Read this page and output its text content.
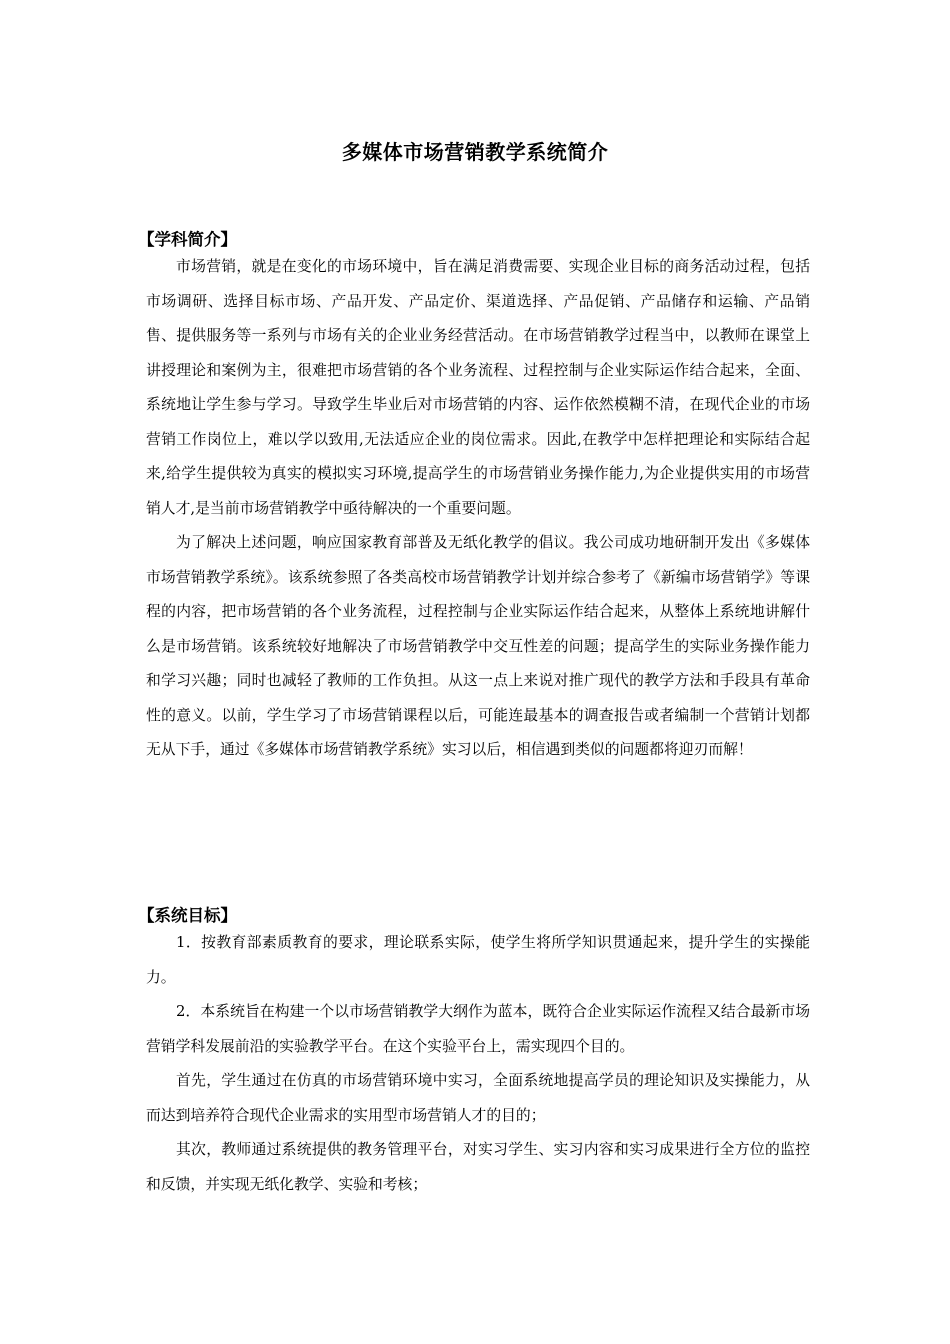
多媒体市场营销教学系统简介
【学科简介】

市场营销，就是在变化的市场环境中，旨在满足消费需要、实现企业目标的商务活动过程，包括市场调研、选择目标市场、产品开发、产品定价、渠道选择、产品促销、产品储存和运输、产品销售、提供服务等一系列与市场有关的企业业务经营活动。在市场营销教学过程当中，以教师在课堂上讲授理论和案例为主，很难把市场营销的各个业务流程、过程控制与企业实际运作结合起来，全面、系统地让学生参与学习。导致学生毕业后对市场营销的内容、运作依然模糊不清，在现代企业的市场营销工作岗位上，难以学以致用,无法适应企业的岗位需求。因此,在教学中怎样把理论和实际结合起来,给学生提供较为真实的模拟实习环境,提高学生的市场营销业务操作能力,为企业提供实用的市场营销人才,是当前市场营销教学中亟待解决的一个重要问题。

为了解决上述问题，响应国家教育部普及无纸化教学的倡议。我公司成功地研制开发出《多媒体市场营销教学系统》。该系统参照了各类高校市场营销教学计划并综合参考了《新编市场营销学》等课程的内容，把市场营销的各个业务流程，过程控制与企业实际运作结合起来，从整体上系统地讲解什么是市场营销。该系统较好地解决了市场营销教学中交互性差的问题；提高学生的实际业务操作能力和学习兴趣；同时也减轻了教师的工作负担。从这一点上来说对推广现代的教学方法和手段具有革命性的意义。以前，学生学习了市场营销课程以后，可能连最基本的调查报告或者编制一个营销计划都无从下手，通过《多媒体市场营销教学系统》实习以后，相信遇到类似的问题都将迎刃而解！

【系统目标】

1．按教育部素质教育的要求，理论联系实际，使学生将所学知识贯通起来，提升学生的实操能力。

2．本系统旨在构建一个以市场营销教学大纲作为蓝本，既符合企业实际运作流程又结合最新市场营销学科发展前沿的实验教学平台。在这个实验平台上，需实现四个目的。

首先，学生通过在仿真的市场营销环境中实习，全面系统地提高学员的理论知识及实操能力，从而达到培养符合现代企业需求的实用型市场营销人才的目的；

其次，教师通过系统提供的教务管理平台，对实习学生、实习内容和实习成果进行全方位的监控和反馈，并实现无纸化教学、实验和考核；
